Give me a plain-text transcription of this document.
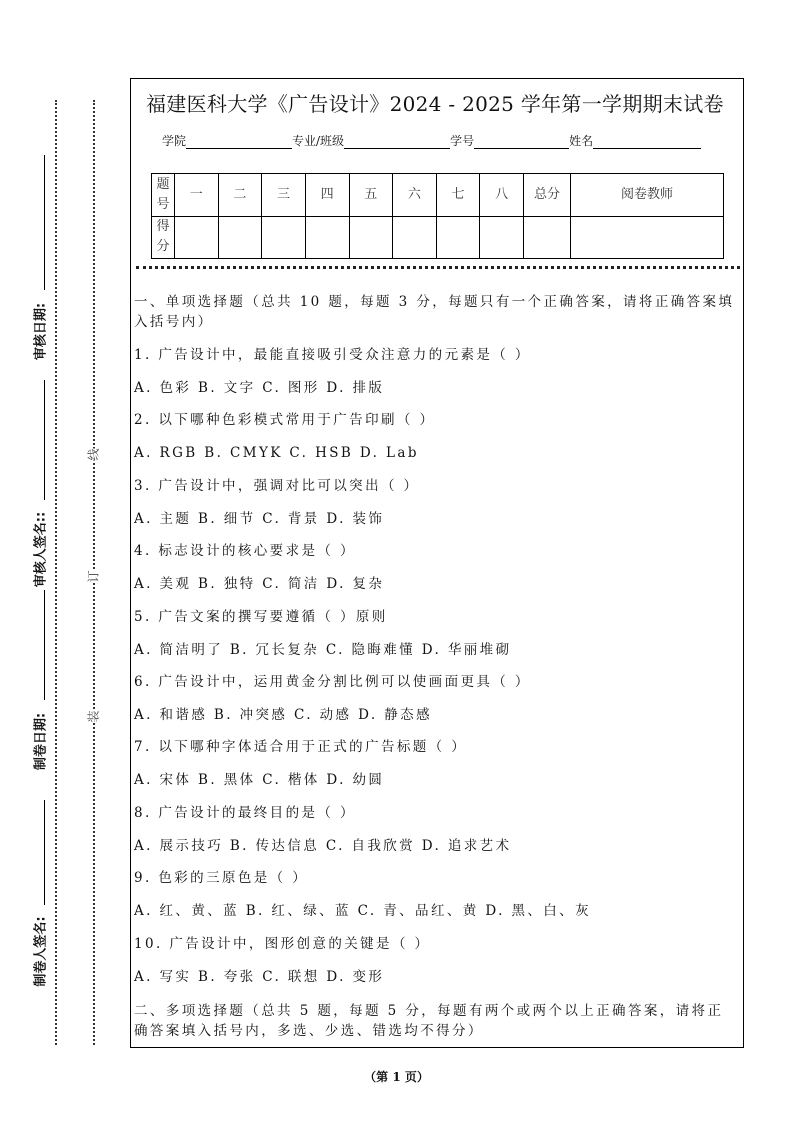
审核日期:
审核人签名::
制卷日期:
制卷人签名:
线
订
装
福建医科大学《广告设计》2024 - 2025 学年第一学期期末试卷
学院	专业/班级	学号	姓名
题号	一	二	三	四	五	六	七	八	总分	阅卷教师
得分										
一、单项选择题（总共 10 题，每题 3 分，每题只有一个正确答案，请将正确答案填
入括号内）
1. 广告设计中，最能直接吸引受众注意力的元素是（ ）
A. 色彩 B. 文字 C. 图形 D. 排版
2. 以下哪种色彩模式常用于广告印刷（ ）
A. RGB B. CMYK C. HSB D. Lab
3. 广告设计中，强调对比可以突出（ ）
A. 主题 B. 细节 C. 背景 D. 装饰
4. 标志设计的核心要求是（ ）
A. 美观 B. 独特 C. 简洁 D. 复杂
5. 广告文案的撰写要遵循（ ）原则
A. 简洁明了 B. 冗长复杂 C. 隐晦难懂 D. 华丽堆砌
6. 广告设计中，运用黄金分割比例可以使画面更具（ ）
A. 和谐感 B. 冲突感 C. 动感 D. 静态感
7. 以下哪种字体适合用于正式的广告标题（ ）
A. 宋体 B. 黑体 C. 楷体 D. 幼圆
8. 广告设计的最终目的是（ ）
A. 展示技巧 B. 传达信息 C. 自我欣赏 D. 追求艺术
9. 色彩的三原色是（ ）
A. 红、黄、蓝 B. 红、绿、蓝 C. 青、品红、黄 D. 黑、白、灰
10. 广告设计中，图形创意的关键是（ ）
A. 写实 B. 夸张 C. 联想 D. 变形
二、多项选择题（总共 5 题，每题 5 分，每题有两个或两个以上正确答案，请将正
确答案填入括号内，多选、少选、错选均不得分）
（第 1 页）
